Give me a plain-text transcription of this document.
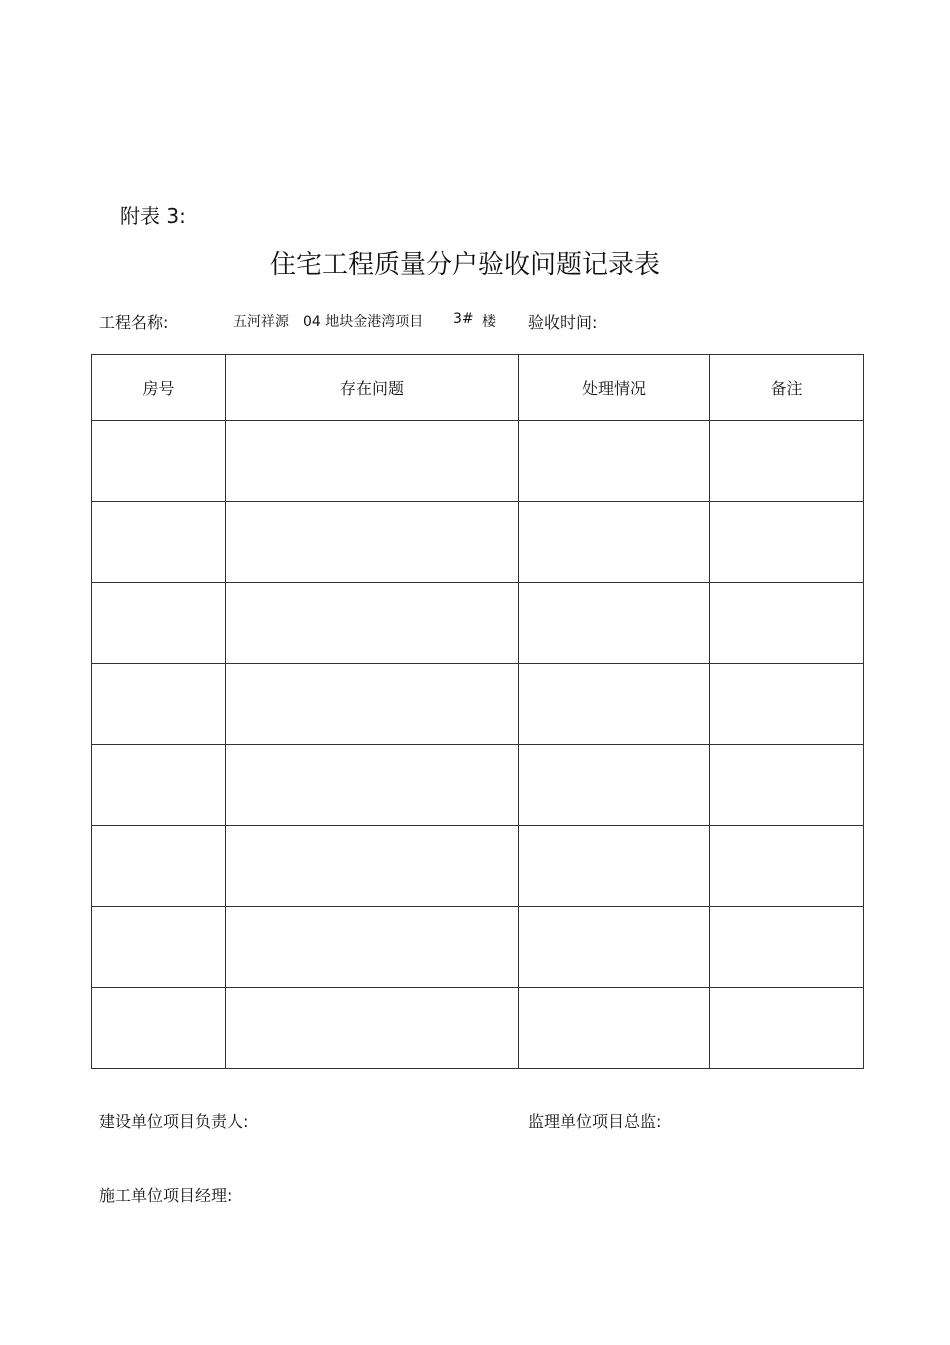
附表 3:
住宅工程质量分户验收问题记录表
工程名称:	五河祥源 04 地块金港湾项目 3# 楼 验收时间:
房号	存在问题	处理情况	备注

建设单位项目负责人:	监理单位项目总监:
施工单位项目经理:
